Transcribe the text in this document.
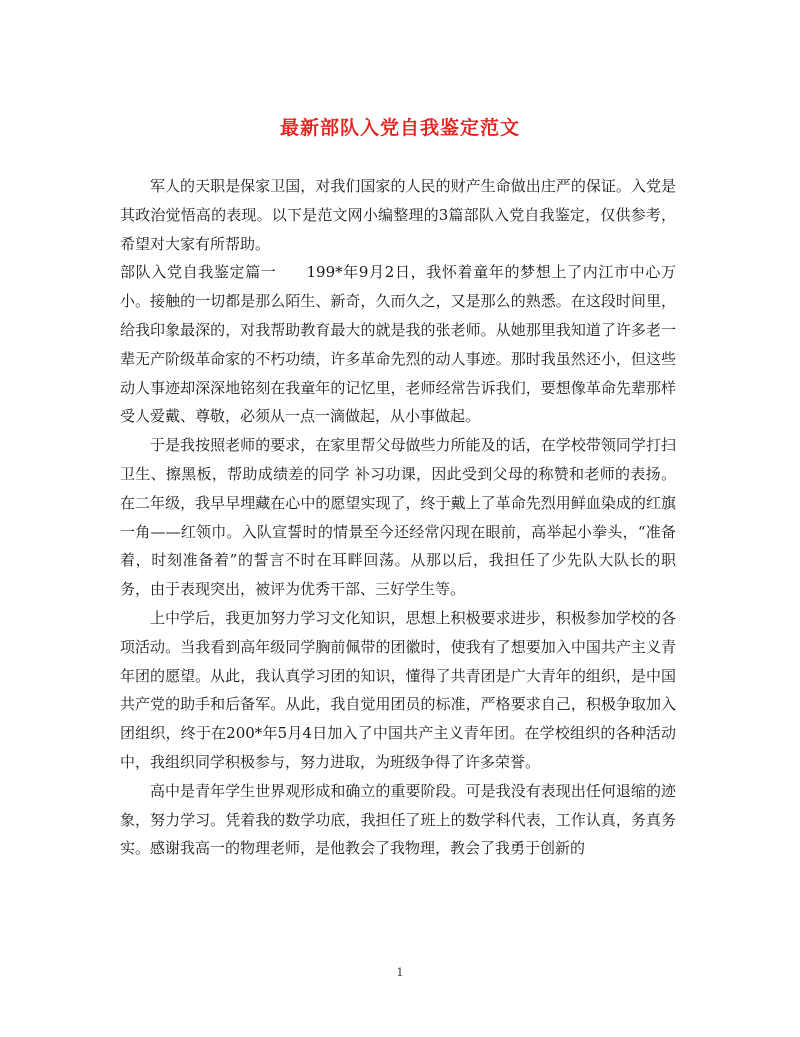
最新部队入党自我鉴定范文

军人的天职是保家卫国，对我们国家的人民的财产生命做出庄严的保证。入党是其政治觉悟高的表现。以下是范文网小编整理的3篇部队入党自我鉴定，仅供参考，希望对大家有所帮助。

部队入党自我鉴定篇一 199*年9月2日，我怀着童年的梦想上了内江市中心万小。接触的一切都是那么陌生、新奇，久而久之，又是那么的熟悉。在这段时间里，给我印象最深的，对我帮助教育最大的就是我的张老师。从她那里我知道了许多老一辈无产阶级革命家的不朽功绩，许多革命先烈的动人事迹。那时我虽然还小，但这些动人事迹却深深地铭刻在我童年的记忆里，老师经常告诉我们，要想像革命先辈那样受人爱戴、尊敬，必须从一点一滴做起，从小事做起。

于是我按照老师的要求，在家里帮父母做些力所能及的话，在学校带领同学打扫卫生、擦黑板，帮助成绩差的同学 补习功课，因此受到父母的称赞和老师的表扬。在二年级，我早早埋藏在心中的愿望实现了，终于戴上了革命先烈用鲜血染成的红旗一角——红领巾。入队宣誓时的情景至今还经常闪现在眼前，高举起小拳头，“准备着，时刻准备着”的誓言不时在耳畔回荡。从那以后，我担任了少先队大队长的职务，由于表现突出，被评为优秀干部、三好学生等。

上中学后，我更加努力学习文化知识，思想上积极要求进步，积极参加学校的各项活动。当我看到高年级同学胸前佩带的团徽时，使我有了想要加入中国共产主义青年团的愿望。从此，我认真学习团的知识，懂得了共青团是广大青年的组织，是中国共产党的助手和后备军。从此，我自觉用团员的标准，严格要求自己，积极争取加入团组织，终于在200*年5月4日加入了中国共产主义青年团。在学校组织的各种活动中，我组织同学积极参与，努力进取，为班级争得了许多荣誉。

高中是青年学生世界观形成和确立的重要阶段。可是我没有表现出任何退缩的迹象，努力学习。凭着我的数学功底，我担任了班上的数学科代表，工作认真，务真务实。感谢我高一的物理老师，是他教会了我物理，教会了我勇于创新的

1
